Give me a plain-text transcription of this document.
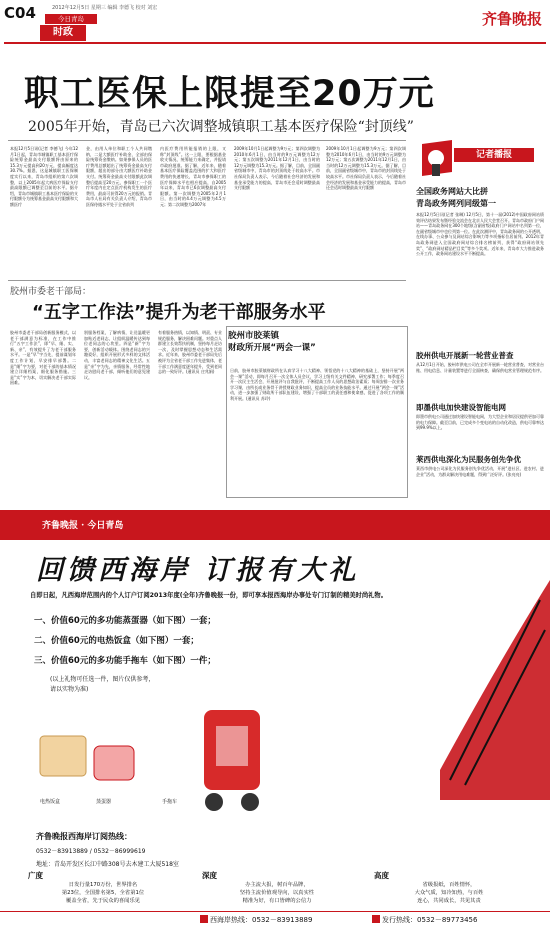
C04	2012年12月5日 星期三 编辑 李德飞 校对 刘宏
今日青岛
时政
齐鲁晚报
职工医保上限提至20万元
2005年开始，青岛已六次调整城镇职工基本医疗保险“封顶线”
本报12月5日讯(记者 李德飞) 今年12月1日起，青岛市城镇职工基本医疗保险统筹金最高支付限额将由原来的15.3万元提高到20万元，提高幅度达30.7%。据悉，这是城镇职工医保制度实行以来，青岛市组织的第六次调整，以上2005年起大病医疗保险支付最高限额已调整至目前的水平。据介绍，青岛市城镇职工基本医疗保险的支付限额分为统筹基金最高支付限额和大额医疗
金，由用人单位和职工个人共同缴纳，二是大额医疗补助金，全部由保险统筹资金缴纳。如果参保人员的医疗费用总额超出了统筹资金最高支付限额，超出的部分由大额医疗补助金支付。统筹资金最高支付限额此次调整后提高至20万元，参保职工一个医疗年度内在定点医疗机构发生的医疗费用，最高可获得20万元的报销。青岛市人社局有关负责人介绍，青岛市医保待遇水平处于全省前列
内医疗费用所能报销的上限，又称“封顶线”。这一上限，要根据基金收支情况、统筹能力来确定，并报请市政府批准。据了解，近年来，随着基本医疗保险覆盖范围的扩大和医疗费用的快速增长，青岛市参保职工的医疗保障水平也相应提高，自2005年以来，青岛市已6次调整最高支付限额。第一次调整为2005年2月1日，由当时的4.4万元调整为4.5万元；第二次调整为2007年
2009年10月1日起调整为9万元；第四次调整为2010年6月1日，由当时的9万元调整为12万元；第五次调整为2011年12月1日，由当时的12万元调整为15.3万元。据了解，目前，全国副省级城市中，青岛市的封顶线处于较高水平。市社保局负责人表示，今后随着社会经济的发展和基金承受能力的提高，青岛市还会适时调整最高支付限额
2009年10月1日起调整为9万元；第四次调整为2010年6月1日，由当时的9万元调整为12万元；第五次调整为2011年12月1日，由当时的12万元调整为15.3万元。据了解，目前，全国副省级城市中，青岛市的封顶线处于较高水平。市社保局负责人表示，今后随着社会经济的发展和基金承受能力的提高，青岛市还会适时调整最高支付限额
记者播报
全国政务网站大比拼
青岛政务网列同级第一
本报12月5日讯(记者 张琳) 12月5日，第十一届(2012)中国政府网站绩效评估结果发布暨经验交流会在北京人民大会堂召开。青岛市政府门户网站——青岛政务网在300个地级(含副省级)政府门户网站中名列第一位，在副省级城市中也位列第一位。在此次测评中，青岛政务网的公开透明、在线办事、公众参与及网站综合影响力等多项指标位居前列。2012年青岛政务网进入全国政府网站综合排名榜前列，获得“政府网站领先奖”、“政府网站精品栏目奖”等多个奖项。近年来，青岛市大力推进政务公开工作，政务网站建设水平不断提高。
胶州市委老干部局：
“五字工作法”提升为老干部服务水平
胶州市委老干部局创新服务模式，以老干部满意为标准，在工作中推行“五字工作法”，即“早、细、实、新、亲”，有效提升了为老干部服务水平。一是“早”字当先，提前谋划年度工作计划，早安排早部署。二是“细”字为要，对老干部的基本情况建立详细档案，细化服务措施。三是“实”字为本，切实解决老干部实际困难。
别服务档案，了解病情，让送温暖更加贴近老同志，让组织温暖传达到每位老同志的心坎里。四是“新”字为要，创新活动载体。围绕老同志的兴趣爱好，组织开展形式多样的文体活动，丰富老同志的精神文化生活。五是“亲”字为先，亲情服务，经常性地走访慰问老干部，倾听他们的意见建议。
有着服务热情，以知情、明责、专业规范服务，解决困难问题。对重点人群建立长效帮扶机制，坚持每月走访一次，及时掌握思想动态和生活需求。近年来，胶州市委老干部局先后被评为全省老干部工作先进集体，老干部工作满意度逐年提升，受到老同志的一致好评。(通讯员 庄兆娟)
胶州市胶莱镇
财政所开展“两会一课”
日前，胶州市胶莱镇财政所在认真学习十八大精神、领悟党的十八大精神的基础上，坚持开展“两会一课”活动，即每月召开一次全体人员会议，学习上级有关文件精神，研究部署工作；每季度召开一次民主生活会，开展批评与自我批评，不断提高工作人员的思想政治素质；每周安排一次业务学习课，由所长或业务骨干讲授财政业务知识，提高全员的业务技能水平。通过开展“两会一课”活动，进一步加强了财政所干部队伍建设，增强了干部职工的责任感和使命感，促进了各项工作的顺利开展。(通讯员 苏玲)
胶州供电开展新一轮营业普查
从12月1日开始，胶州市供电公司在全市开展新一轮营业普查，对营业台账、用电信息、计量装置等进行全面核查，确保供电营业管理规范有序。
即墨供电加快建设智能电网
即墨市供电公司通过加快建设智能电网，为大型企业和居民提供更加可靠的电力保障。截至目前，已完成多个变电站的自动化改造，供电可靠率达到99.9%以上。
莱西供电深化为民服务创先争优
莱西市供电公司深化为民服务创先争优活动，开展“进社区、进农村、进企业”活动，为群众解决用电难题，得到广泛好评。(张亮亮)
齐鲁晚报 · 今日青岛
回馈西海岸 订报有大礼
自即日起，凡西海岸范围内的个人订户订阅2013年度(全年)齐鲁晚报一份，即可享本报西海岸办事处专门订制的精美时尚礼物。
一、价值60元的多功能蒸蛋器（如下图）一套；
二、价值60元的电热饭盒（如下图）一套；
三、价值60元的多功能手拖车（如下图）一件；
(以上礼物可任选一件，图片仅供参考，
请以实物为准)
电热饭盒	蒸蛋器	手拖车
齐鲁晚报西海岸订阅热线：
0532－83913889 / 0532－86999619
地址：青岛开发区长江中路308号去木建工大厦518室
广度
日发行量170万份，世界排名
第23位，全国排名第5，全省第1位
覆盖全省，先于民众的喜闻乐见
深度
办主流大报，树百年品牌，
坚持主流价值观导向，以真实性
精准为好，有口皆碑的公信力
高度
省级报纸，百姓情怀，
大众气质，知冷知热，与百姓
连心，共同成长，共见其责
西海岸热线：0532－83913889	发行热线：0532－89773456
